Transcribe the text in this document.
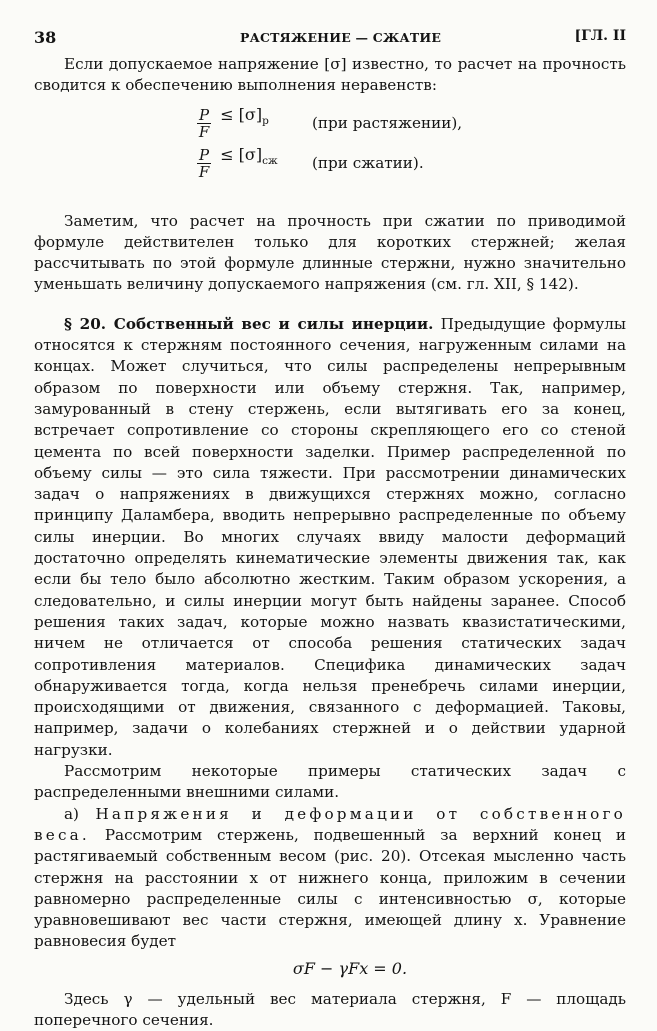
38	РАСТЯЖЕНИЕ — СЖАТИЕ	[ГЛ. II

Если допускаемое напряжение [σ] известно, то расчет на прочность сводится к обеспечению выполнения неравенств:

$\frac{P}{F} \le [\sigma]_р$	(при растяжении),
$\frac{P}{F} \le [\sigma]_{сж}$	(при сжатии).

Заметим, что расчет на прочность при сжатии по приводимой формуле действителен только для коротких стержней; желая рассчитывать по этой формуле длинные стержни, нужно значительно уменьшать величину допускаемого напряжения (см. гл. XII, § 142).

§ 20. Собственный вес и силы инерции. Предыдущие формулы относятся к стержням постоянного сечения, нагруженным силами на концах. Может случиться, что силы распределены непрерывным образом по поверхности или объему стержня. Так, например, замурованный в стену стержень, если вытягивать его за конец, встречает сопротивление со стороны скрепляющего его со стеной цемента по всей поверхности заделки. Пример распределенной по объему силы — это сила тяжести. При рассмотрении динамических задач о напряжениях в движущихся стержнях можно, согласно принципу Даламбера, вводить непрерывно распределенные по объему силы инерции. Во многих случаях ввиду малости деформаций достаточно определять кинематические элементы движения так, как если бы тело было абсолютно жестким. Таким образом ускорения, а следовательно, и силы инерции могут быть найдены заранее. Способ решения таких задач, которые можно назвать квазистатическими, ничем не отличается от способа решения статических задач сопротивления материалов. Специфика динамических задач обнаруживается тогда, когда нельзя пренебречь силами инерции, происходящими от движения, связанного с деформацией. Таковы, например, задачи о колебаниях стержней и о действии ударной нагрузки.

Рассмотрим некоторые примеры статических задач с распределенными внешними силами.

а) Напряжения и деформации от собственного веса. Рассмотрим стержень, подвешенный за верхний конец и растягиваемый собственным весом (рис. 20). Отсекая мысленно часть стержня на расстоянии x от нижнего конца, приложим в сечении равномерно распределенные силы с интенсивностью σ, которые уравновешивают вес части стержня, имеющей длину x. Уравнение равновесия будет

σF − γFx = 0.

Здесь γ — удельный вес материала стержня, F — площадь поперечного сечения.
